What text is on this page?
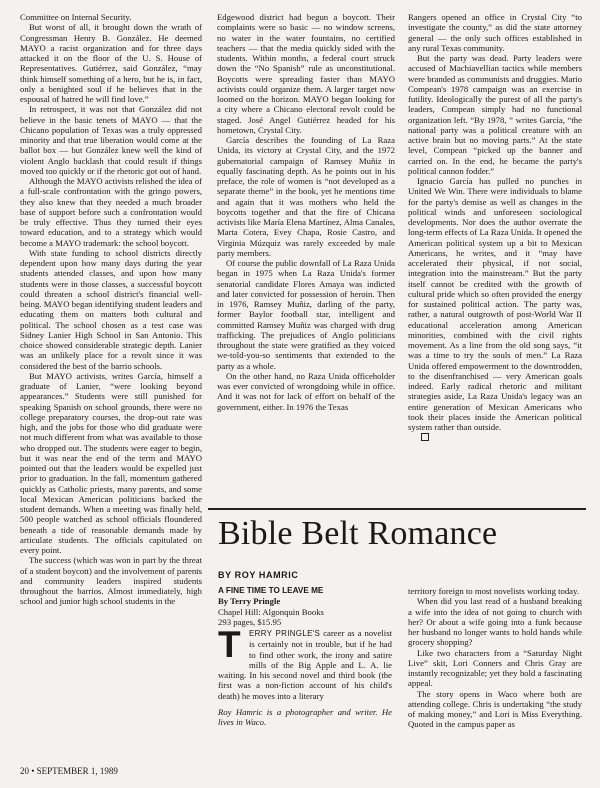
Committee on Internal Security.

But worst of all, it brought down the wrath of Congressman Henry B. González. He deemed MAYO a racist organization and for three days attacked it on the floor of the U. S. House of Representatives. Gutiérrez, said González, “may think himself something of a hero, but he is, in fact, only a benighted soul if he believes that in the espousal of hatred he will find love.”

In retrospect, it was not that González did not believe in the basic tenets of MAYO — that the Chicano population of Texas was a truly oppressed minority and that true liberation would come at the ballot box — but González knew well the kind of violent Anglo backlash that could result if things moved too quickly or if the rhetoric got out of hand.

Although the MAYO activists relished the idea of a full-scale confrontation with the gringo powers, they also knew that they needed a much broader base of support before such a confrontation would be truly effective. Thus they turned their eyes toward education, and to a strategy which would become a MAYO trademark: the school boycott.

With state funding to school districts directly dependent upon how many days during the year students attended classes, and upon how many students were in those classes, a successful boycott could threaten a school district's financial well-being. MAYO began identifying student leaders and educating them on matters both cultural and political. The school chosen as a test case was Sidney Lanier High School in San Antonio. This choice showed considerable strategic depth. Lanier was an unlikely place for a revolt since it was considered the best of the barrio schools.

But MAYO activists, writes García, himself a graduate of Lanier, “were looking beyond appearances.” Students were still punished for speaking Spanish on school grounds, there were no college preparatory courses, the drop-out rate was high, and the jobs for those who did graduate were not much different from what was available to those who dropped out. The students were eager to begin, but it was near the end of the term and MAYO pointed out that the leaders would be expelled just prior to graduation. In the fall, momentum gathered quickly as Catholic priests, many parents, and some local Mexican American politicians backed the student demands. When a meeting was finally held, 500 people watched as school officials floundered beneath a tide of reasonable demands made by articulate students. The officials capitulated on every point.

The success (which was won in part by the threat of a student boycott) and the involvement of parents and community leaders inspired students throughout the barrios. Almost immediately, high school and junior high school students in the

Edgewood district had begun a boycott. Their complaints were so basic — no window screens, no water in the water fountains, no certified teachers — that the media quickly sided with the students. Within months, a federal court struck down the “No Spanish” rule as unconstitutional. Boycotts were spreading faster than MAYO activists could organize them. A larger target now loomed on the horizon. MAYO began looking for a city where a Chicano electoral revolt could be staged. José Angel Gutiérrez headed for his hometown, Crystal City.

García describes the founding of La Raza Unida, its victory at Crystal City, and the 1972 gubernatorial campaign of Ramsey Muñiz in equally fascinating depth. As he points out in his preface, the role of women is “not developed as a separate theme” in the book, yet he mentions time and again that it was mothers who held the boycotts together and that the fire of Chicana activists like María Elena Martínez, Alma Canales, Marta Cotera, Evey Chapa, Rosie Castro, and Virginia Múzquiz was rarely exceeded by male party members.

Of course the public downfall of La Raza Unida began in 1975 when La Raza Unida's former senatorial candidate Flores Amaya was indicted and later convicted for possession of heroin. Then in 1976, Ramsey Muñiz, darling of the party, former Baylor football star, intelligent and committed Ramsey Muñiz was charged with drug trafficking. The prejudices of Anglo politicians throughout the state were gratified as they voiced we-told-you-so sentiments that extended to the party as a whole.

On the other hand, no Raza Unida officeholder was ever convicted of wrongdoing while in office. And it was not for lack of effort on behalf of the government, either. In 1976 the Texas

Rangers opened an office in Crystal City “to investigate the county,” as did the state attorney general — the only such offices established in any rural Texas community.

But the party was dead. Party leaders were accused of Machiavellian tactics while members were branded as communists and druggies. Mario Compean's 1978 campaign was an exercise in futility. Ideologically the purest of all the party's leaders, Compean simply had no functional organization left. “By 1978, ” writes García, “the national party was a political creature with an active brain but no moving parts.” At the state level, Compean “picked up the banner and carried on. In the end, he became the party's political cannon fodder.”

Ignacio García has pulled no punches in United We Win. There were individuals to blame for the party's demise as well as changes in the political winds and unforeseen sociological developments. Nor does the author overrate the long-term effects of La Raza Unida. It opened the American political system up a bit to Mexican Americans, he writes, and it “may have accelerated their physical, if not social, integration into the mainstream.” But the party itself cannot be credited with the growth of cultural pride which so often provided the energy for sustained political action. The party was, rather, a natural outgrowth of post-World War II educational acceleration among American minorities, combined with the civil rights movement. As a line from the old song says, “it was a time to try the souls of men.” La Raza Unida offered empowerment to the downtrodden, to the disenfranchised — very American goals indeed. Early radical rhetoric and militant strategies aside, La Raza Unida's legacy was an entire generation of Mexican Americans who took their places inside the American political system rather than outside.

Bible Belt Romance
BY ROY HAMRIC
A FINE TIME TO LEAVE ME
By Terry Pringle
Chapel Hill: Algonquin Books
293 pages, $15.95

T	ERRY PRINGLE'S career as a novelist is certainly not in trouble, but if he had to find other work, the irony and satire mills of the Big Apple and L. A. lie waiting. In his second novel and third book (the first was a non-fiction account of his child's death) he moves into a literary

Roy Hamric is a photographer and writer. He lives in Waco.

territory foreign to most novelists working today.

When did you last read of a husband breaking a wife into the idea of not going to church with her? Or about a wife going into a funk because her husband no longer wants to hold hands while grocery shopping?

Like two characters from a “Saturday Night Live” skit, Lori Conners and Chris Gray are instantly recognizable; yet they hold a fascinating appeal.

The story opens in Waco where both are attending college. Chris is undertaking “the study of making money,” and Lori is Miss Everything. Quoted in the campus paper as

20 • SEPTEMBER 1, 1989
